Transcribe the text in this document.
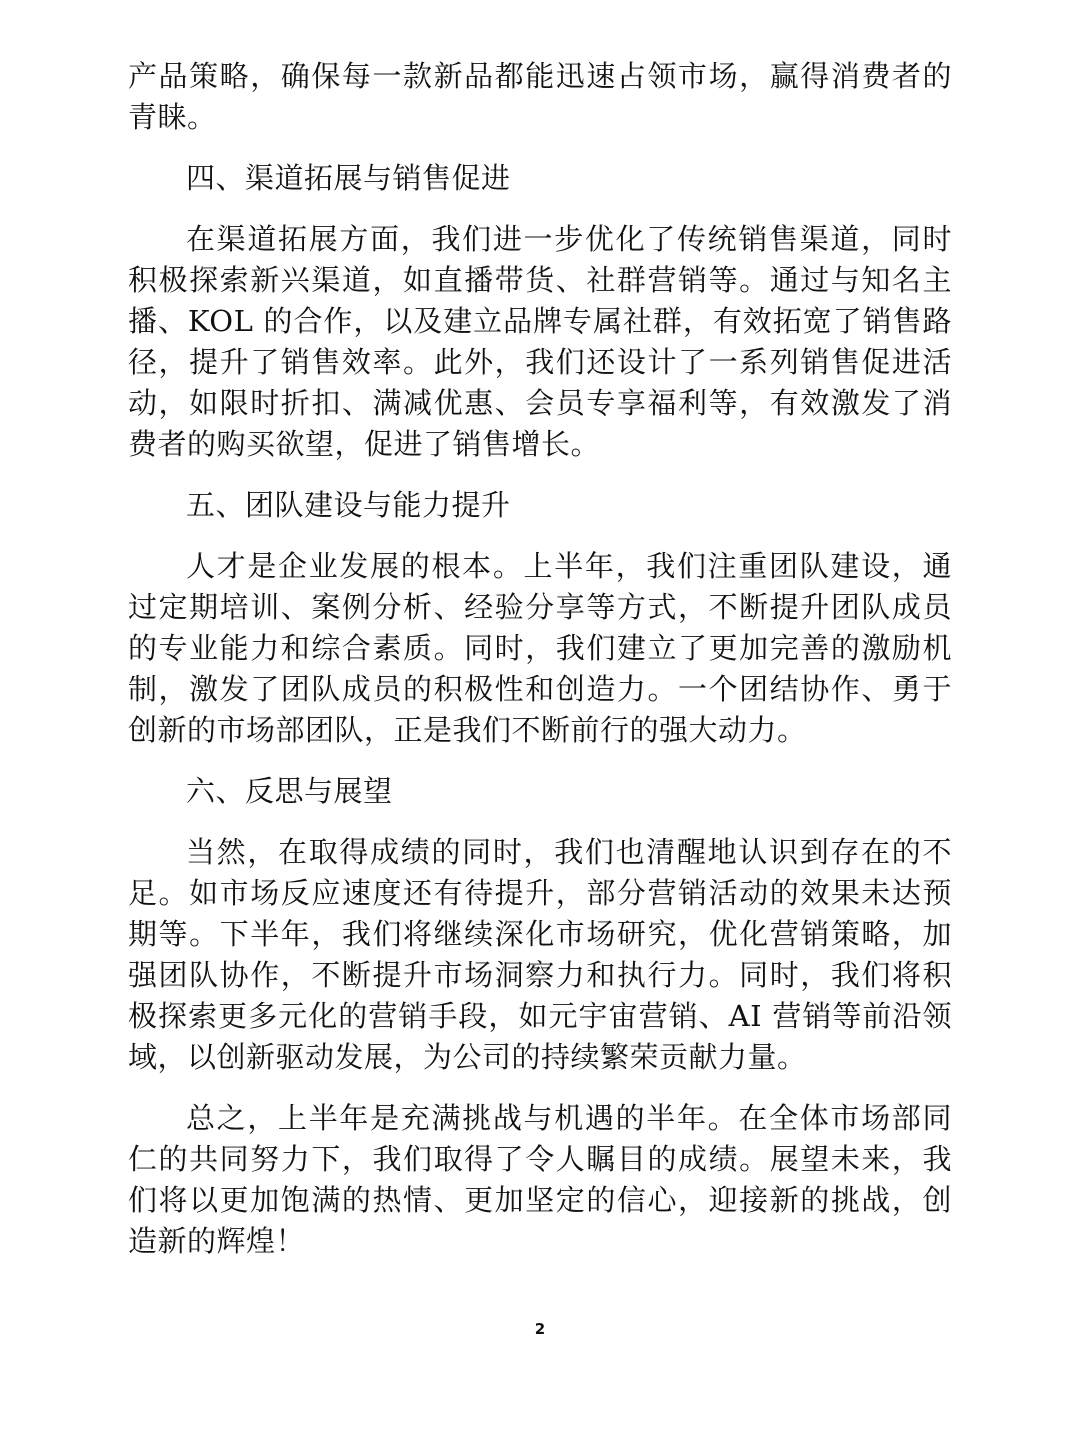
产品策略，确保每一款新品都能迅速占领市场，赢得消费者的青睐。

四、渠道拓展与销售促进

在渠道拓展方面，我们进一步优化了传统销售渠道，同时积极探索新兴渠道，如直播带货、社群营销等。通过与知名主播、KOL 的合作，以及建立品牌专属社群，有效拓宽了销售路径，提升了销售效率。此外，我们还设计了一系列销售促进活动，如限时折扣、满减优惠、会员专享福利等，有效激发了消费者的购买欲望，促进了销售增长。

五、团队建设与能力提升

人才是企业发展的根本。上半年，我们注重团队建设，通过定期培训、案例分析、经验分享等方式，不断提升团队成员的专业能力和综合素质。同时，我们建立了更加完善的激励机制，激发了团队成员的积极性和创造力。一个团结协作、勇于创新的市场部团队，正是我们不断前行的强大动力。

六、反思与展望

当然，在取得成绩的同时，我们也清醒地认识到存在的不足。如市场反应速度还有待提升，部分营销活动的效果未达预期等。下半年，我们将继续深化市场研究，优化营销策略，加强团队协作，不断提升市场洞察力和执行力。同时，我们将积极探索更多元化的营销手段，如元宇宙营销、AI 营销等前沿领域，以创新驱动发展，为公司的持续繁荣贡献力量。

总之，上半年是充满挑战与机遇的半年。在全体市场部同仁的共同努力下，我们取得了令人瞩目的成绩。展望未来，我们将以更加饱满的热情、更加坚定的信心，迎接新的挑战，创造新的辉煌！

2
